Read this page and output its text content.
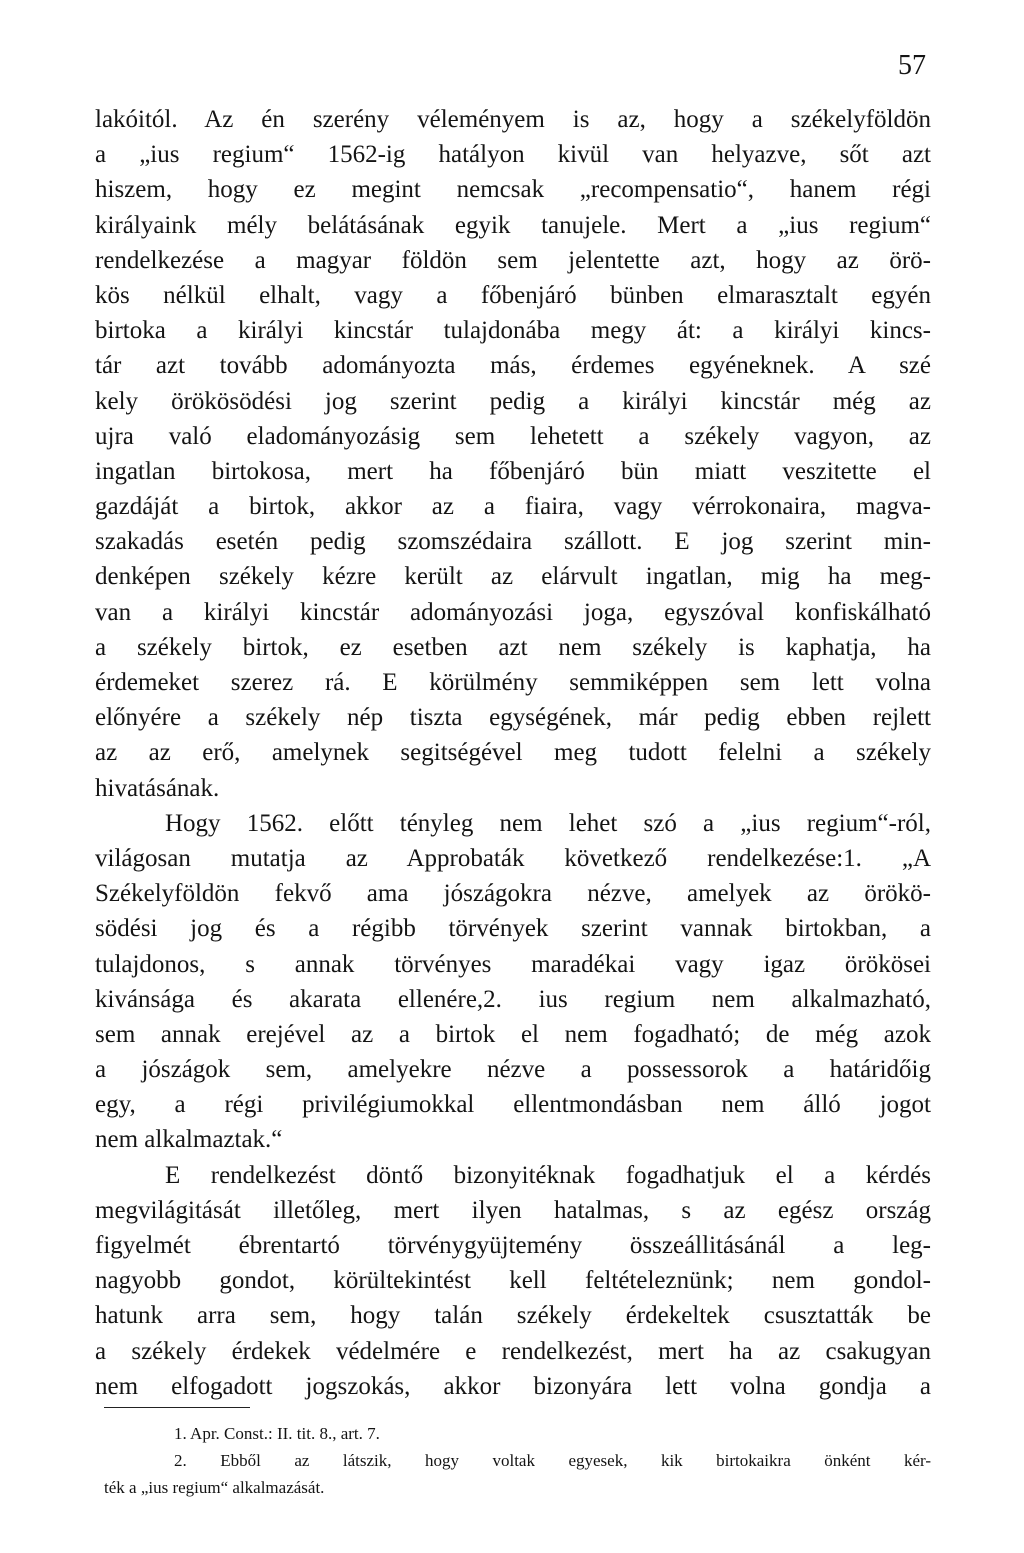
57
lakóitól. Az én szerény véleményem is az, hogy a székelyföldön
a „ius regium“ 1562-ig hatályon kivül van helyazve, sőt azt
hiszem, hogy ez megint nemcsak „recompensatio“, hanem régi
királyaink mély belátásának egyik tanujele. Mert a „ius regium“
rendelkezése a magyar földön sem jelentette azt, hogy az örö-
kös nélkül elhalt, vagy a főbenjáró bünben elmarasztalt egyén
birtoka a királyi kincstár tulajdonába megy át: a királyi kincs-
tár azt tovább adományozta más, érdemes egyéneknek. A szé
kely örökösödési jog szerint pedig a királyi kincstár még az
ujra való eladományozásig sem lehetett a székely vagyon, az
ingatlan birtokosa, mert ha főbenjáró bün miatt veszitette el
gazdáját a birtok, akkor az a fiaira, vagy vérrokonaira, magva-
szakadás esetén pedig szomszédaira szállott. E jog szerint min-
denképen székely kézre került az elárvult ingatlan, mig ha meg-
van a királyi kincstár adományozási joga, egyszóval konfiskálható
a székely birtok, ez esetben azt nem székely is kaphatja, ha
érdemeket szerez rá. E körülmény semmiképpen sem lett volna
előnyére a székely nép tiszta egységének, már pedig ebben rejlett
az az erő, amelynek segitségével meg tudott felelni a székely
hivatásának.
Hogy 1562. előtt tényleg nem lehet szó a „ius regium“-ról,
világosan mutatja az Approbaták következő rendelkezése:1. „A
Székelyföldön fekvő ama jószágokra nézve, amelyek az örökö-
södési jog és a régibb törvények szerint vannak birtokban, a
tulajdonos, s annak törvényes maradékai vagy igaz örökösei
kivánsága és akarata ellenére,2. ius regium nem alkalmazható,
sem annak erejével az a birtok el nem fogadható; de még azok
a jószágok sem, amelyekre nézve a possessorok a határidőig
egy, a régi privilégiumokkal ellentmondásban nem álló jogot
nem alkalmaztak.“
E rendelkezést döntő bizonyitéknak fogadhatjuk el a kérdés
megvilágitását illetőleg, mert ilyen hatalmas, s az egész ország
figyelmét ébrentartó törvénygyüjtemény összeállitásánál a leg-
nagyobb gondot, körültekintést kell feltételeznünk; nem gondol-
hatunk arra sem, hogy talán székely érdekeltek csusztatták be
a székely érdekek védelmére e rendelkezést, mert ha az csakugyan
nem elfogadott jogszokás, akkor bizonyára lett volna gondja a
1. Apr. Const.: II. tit. 8., art. 7.
2. Ebből az látszik, hogy voltak egyesek, kik birtokaikra önként kér-
ték a „ius regium“ alkalmazását.
